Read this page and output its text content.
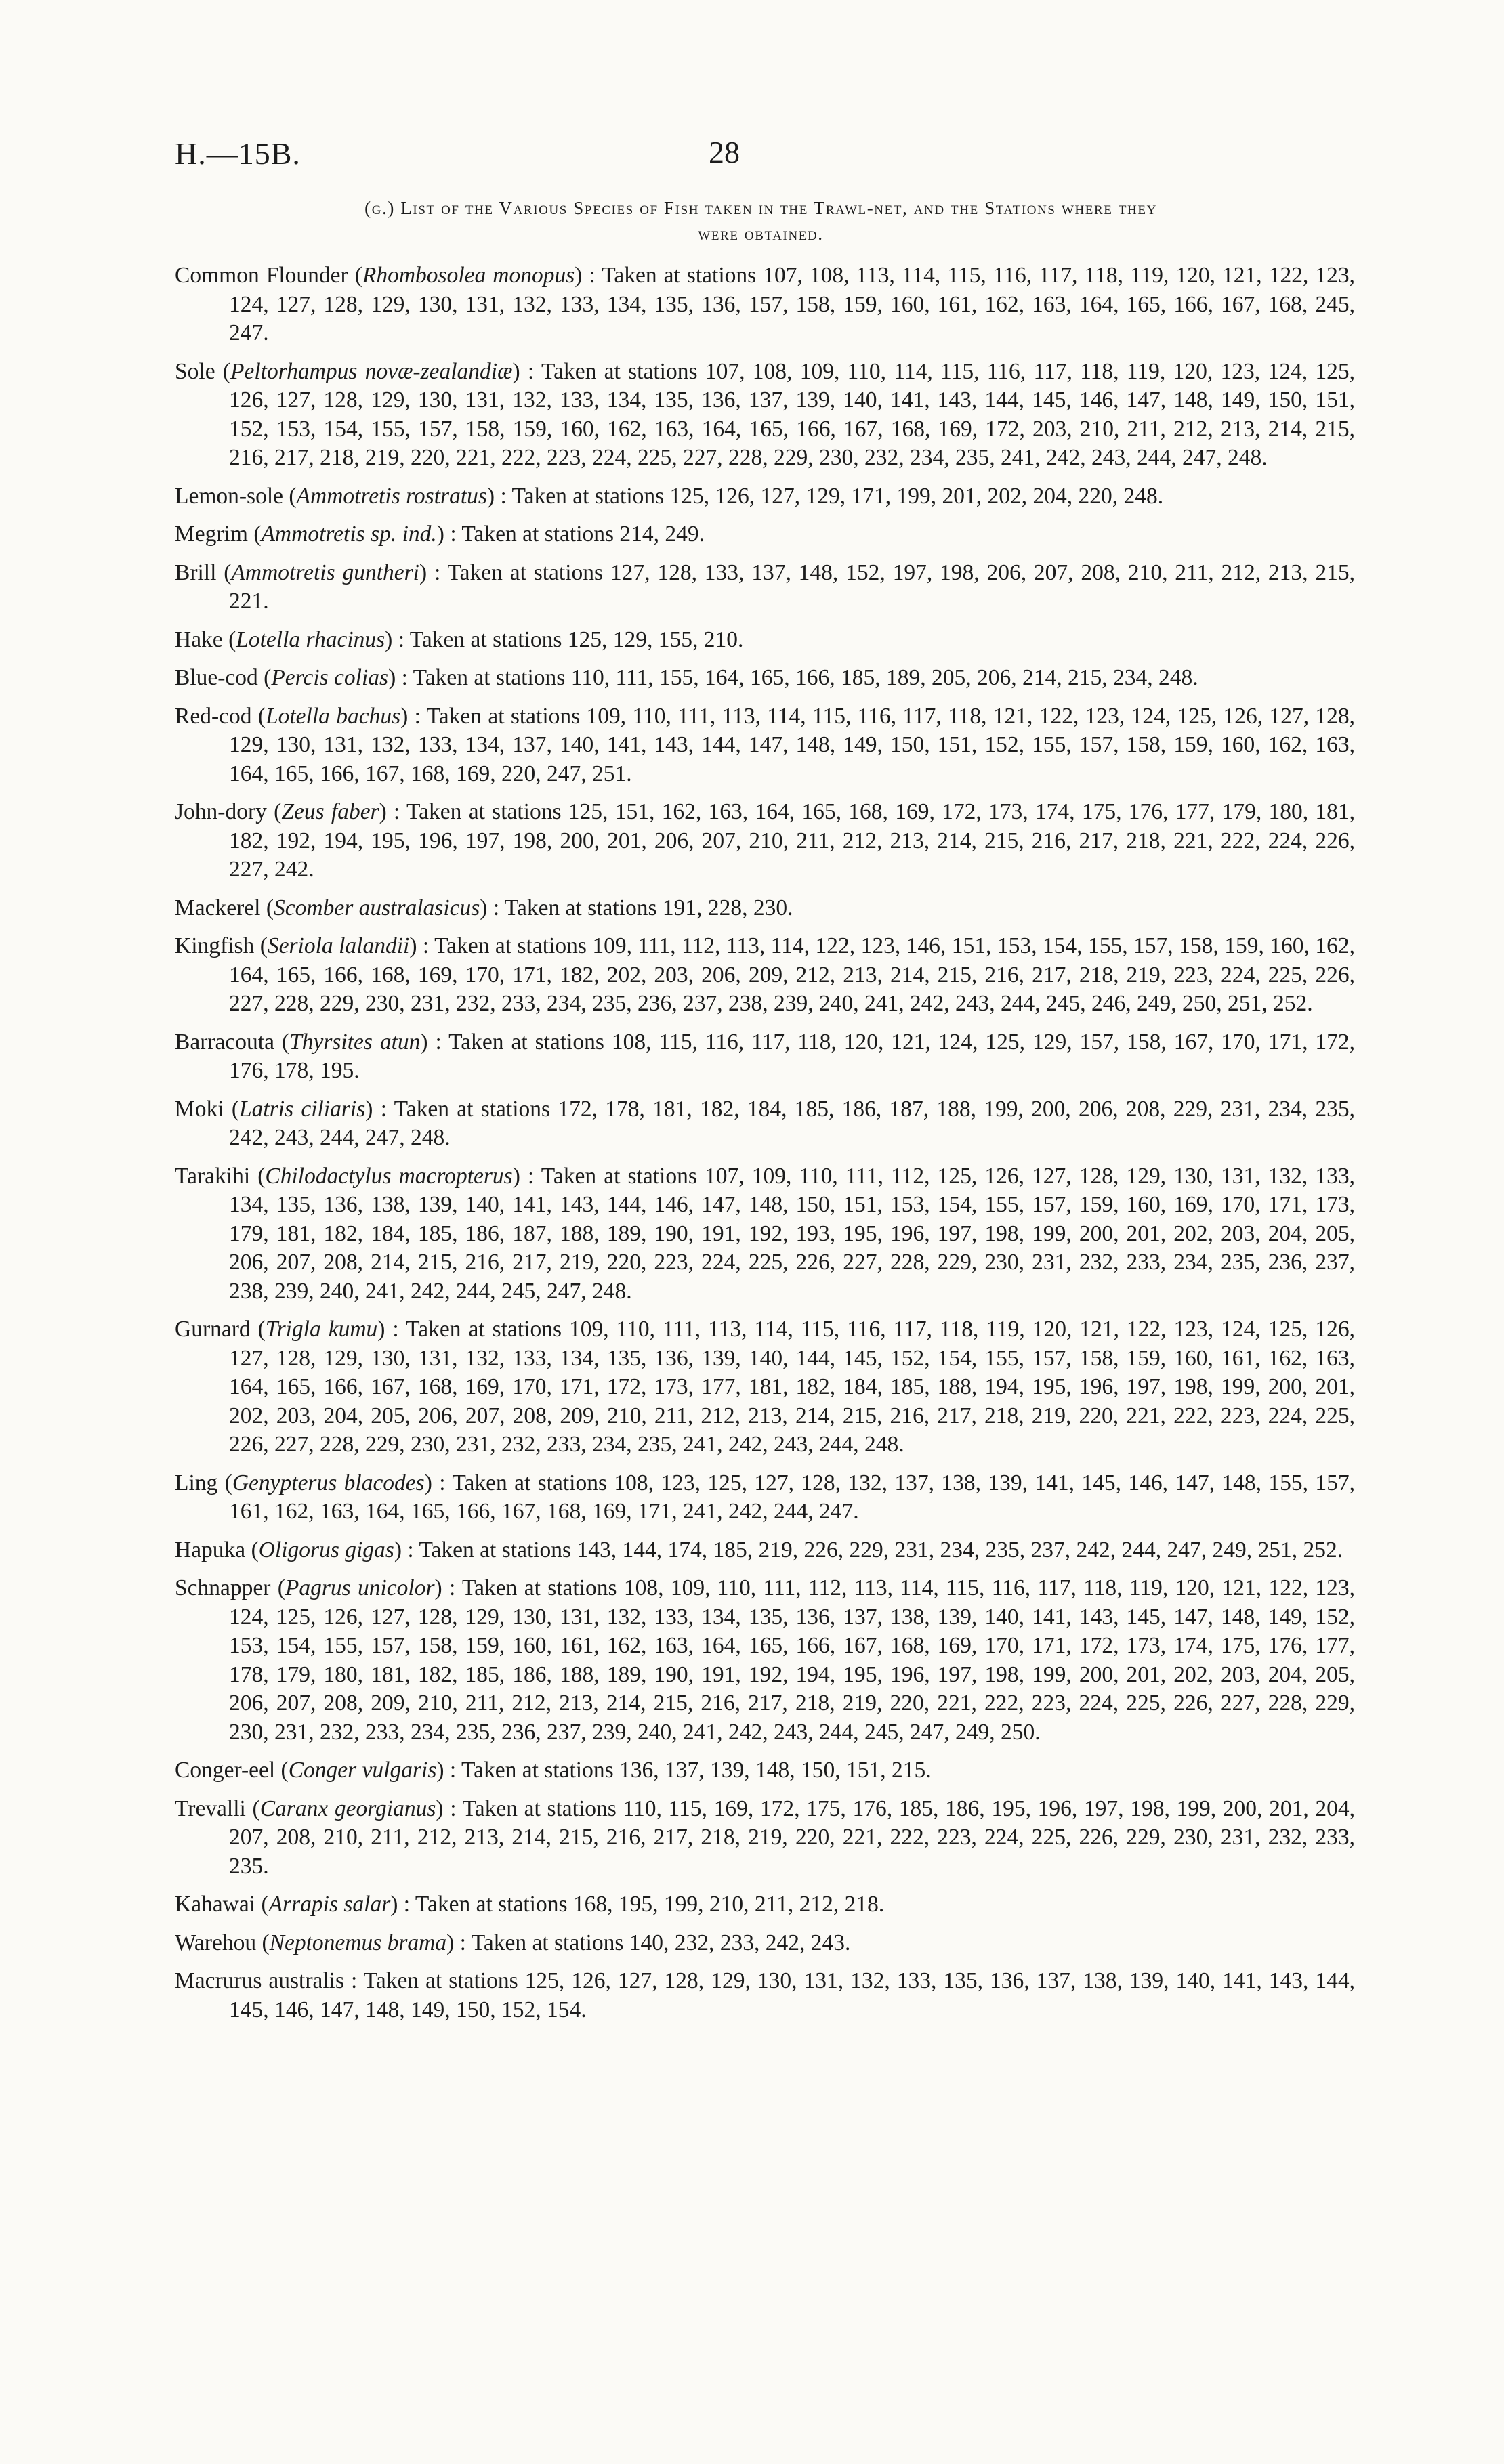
H.—15B.	28
(g.) List of the Various Species of Fish taken in the Trawl-net, and the Stations where they
were obtained.

Common Flounder (Rhombosolea monopus) : Taken at stations 107, 108, 113, 114, 115, 116, 117, 118, 119, 120, 121, 122, 123, 124, 127, 128, 129, 130, 131, 132, 133, 134, 135, 136, 157, 158, 159, 160, 161, 162, 163, 164, 165, 166, 167, 168, 245, 247.

Sole (Peltorhampus novæ-zealandiæ) : Taken at stations 107, 108, 109, 110, 114, 115, 116, 117, 118, 119, 120, 123, 124, 125, 126, 127, 128, 129, 130, 131, 132, 133, 134, 135, 136, 137, 139, 140, 141, 143, 144, 145, 146, 147, 148, 149, 150, 151, 152, 153, 154, 155, 157, 158, 159, 160, 162, 163, 164, 165, 166, 167, 168, 169, 172, 203, 210, 211, 212, 213, 214, 215, 216, 217, 218, 219, 220, 221, 222, 223, 224, 225, 227, 228, 229, 230, 232, 234, 235, 241, 242, 243, 244, 247, 248.

Lemon-sole (Ammotretis rostratus) : Taken at stations 125, 126, 127, 129, 171, 199, 201, 202, 204, 220, 248.

Megrim (Ammotretis sp. ind.) : Taken at stations 214, 249.

Brill (Ammotretis guntheri) : Taken at stations 127, 128, 133, 137, 148, 152, 197, 198, 206, 207, 208, 210, 211, 212, 213, 215, 221.

Hake (Lotella rhacinus) : Taken at stations 125, 129, 155, 210.

Blue-cod (Percis colias) : Taken at stations 110, 111, 155, 164, 165, 166, 185, 189, 205, 206, 214, 215, 234, 248.

Red-cod (Lotella bachus) : Taken at stations 109, 110, 111, 113, 114, 115, 116, 117, 118, 121, 122, 123, 124, 125, 126, 127, 128, 129, 130, 131, 132, 133, 134, 137, 140, 141, 143, 144, 147, 148, 149, 150, 151, 152, 155, 157, 158, 159, 160, 162, 163, 164, 165, 166, 167, 168, 169, 220, 247, 251.

John-dory (Zeus faber) : Taken at stations 125, 151, 162, 163, 164, 165, 168, 169, 172, 173, 174, 175, 176, 177, 179, 180, 181, 182, 192, 194, 195, 196, 197, 198, 200, 201, 206, 207, 210, 211, 212, 213, 214, 215, 216, 217, 218, 221, 222, 224, 226, 227, 242.

Mackerel (Scomber australasicus) : Taken at stations 191, 228, 230.

Kingfish (Seriola lalandii) : Taken at stations 109, 111, 112, 113, 114, 122, 123, 146, 151, 153, 154, 155, 157, 158, 159, 160, 162, 164, 165, 166, 168, 169, 170, 171, 182, 202, 203, 206, 209, 212, 213, 214, 215, 216, 217, 218, 219, 223, 224, 225, 226, 227, 228, 229, 230, 231, 232, 233, 234, 235, 236, 237, 238, 239, 240, 241, 242, 243, 244, 245, 246, 249, 250, 251, 252.

Barracouta (Thyrsites atun) : Taken at stations 108, 115, 116, 117, 118, 120, 121, 124, 125, 129, 157, 158, 167, 170, 171, 172, 176, 178, 195.

Moki (Latris ciliaris) : Taken at stations 172, 178, 181, 182, 184, 185, 186, 187, 188, 199, 200, 206, 208, 229, 231, 234, 235, 242, 243, 244, 247, 248.

Tarakihi (Chilodactylus macropterus) : Taken at stations 107, 109, 110, 111, 112, 125, 126, 127, 128, 129, 130, 131, 132, 133, 134, 135, 136, 138, 139, 140, 141, 143, 144, 146, 147, 148, 150, 151, 153, 154, 155, 157, 159, 160, 169, 170, 171, 173, 179, 181, 182, 184, 185, 186, 187, 188, 189, 190, 191, 192, 193, 195, 196, 197, 198, 199, 200, 201, 202, 203, 204, 205, 206, 207, 208, 214, 215, 216, 217, 219, 220, 223, 224, 225, 226, 227, 228, 229, 230, 231, 232, 233, 234, 235, 236, 237, 238, 239, 240, 241, 242, 244, 245, 247, 248.

Gurnard (Trigla kumu) : Taken at stations 109, 110, 111, 113, 114, 115, 116, 117, 118, 119, 120, 121, 122, 123, 124, 125, 126, 127, 128, 129, 130, 131, 132, 133, 134, 135, 136, 139, 140, 144, 145, 152, 154, 155, 157, 158, 159, 160, 161, 162, 163, 164, 165, 166, 167, 168, 169, 170, 171, 172, 173, 177, 181, 182, 184, 185, 188, 194, 195, 196, 197, 198, 199, 200, 201, 202, 203, 204, 205, 206, 207, 208, 209, 210, 211, 212, 213, 214, 215, 216, 217, 218, 219, 220, 221, 222, 223, 224, 225, 226, 227, 228, 229, 230, 231, 232, 233, 234, 235, 241, 242, 243, 244, 248.

Ling (Genypterus blacodes) : Taken at stations 108, 123, 125, 127, 128, 132, 137, 138, 139, 141, 145, 146, 147, 148, 155, 157, 161, 162, 163, 164, 165, 166, 167, 168, 169, 171, 241, 242, 244, 247.

Hapuka (Oligorus gigas) : Taken at stations 143, 144, 174, 185, 219, 226, 229, 231, 234, 235, 237, 242, 244, 247, 249, 251, 252.

Schnapper (Pagrus unicolor) : Taken at stations 108, 109, 110, 111, 112, 113, 114, 115, 116, 117, 118, 119, 120, 121, 122, 123, 124, 125, 126, 127, 128, 129, 130, 131, 132, 133, 134, 135, 136, 137, 138, 139, 140, 141, 143, 145, 147, 148, 149, 152, 153, 154, 155, 157, 158, 159, 160, 161, 162, 163, 164, 165, 166, 167, 168, 169, 170, 171, 172, 173, 174, 175, 176, 177, 178, 179, 180, 181, 182, 185, 186, 188, 189, 190, 191, 192, 194, 195, 196, 197, 198, 199, 200, 201, 202, 203, 204, 205, 206, 207, 208, 209, 210, 211, 212, 213, 214, 215, 216, 217, 218, 219, 220, 221, 222, 223, 224, 225, 226, 227, 228, 229, 230, 231, 232, 233, 234, 235, 236, 237, 239, 240, 241, 242, 243, 244, 245, 247, 249, 250.

Conger-eel (Conger vulgaris) : Taken at stations 136, 137, 139, 148, 150, 151, 215.

Trevalli (Caranx georgianus) : Taken at stations 110, 115, 169, 172, 175, 176, 185, 186, 195, 196, 197, 198, 199, 200, 201, 204, 207, 208, 210, 211, 212, 213, 214, 215, 216, 217, 218, 219, 220, 221, 222, 223, 224, 225, 226, 229, 230, 231, 232, 233, 235.

Kahawai (Arrapis salar) : Taken at stations 168, 195, 199, 210, 211, 212, 218.

Warehou (Neptonemus brama) : Taken at stations 140, 232, 233, 242, 243.

Macrurus australis : Taken at stations 125, 126, 127, 128, 129, 130, 131, 132, 133, 135, 136, 137, 138, 139, 140, 141, 143, 144, 145, 146, 147, 148, 149, 150, 152, 154.
